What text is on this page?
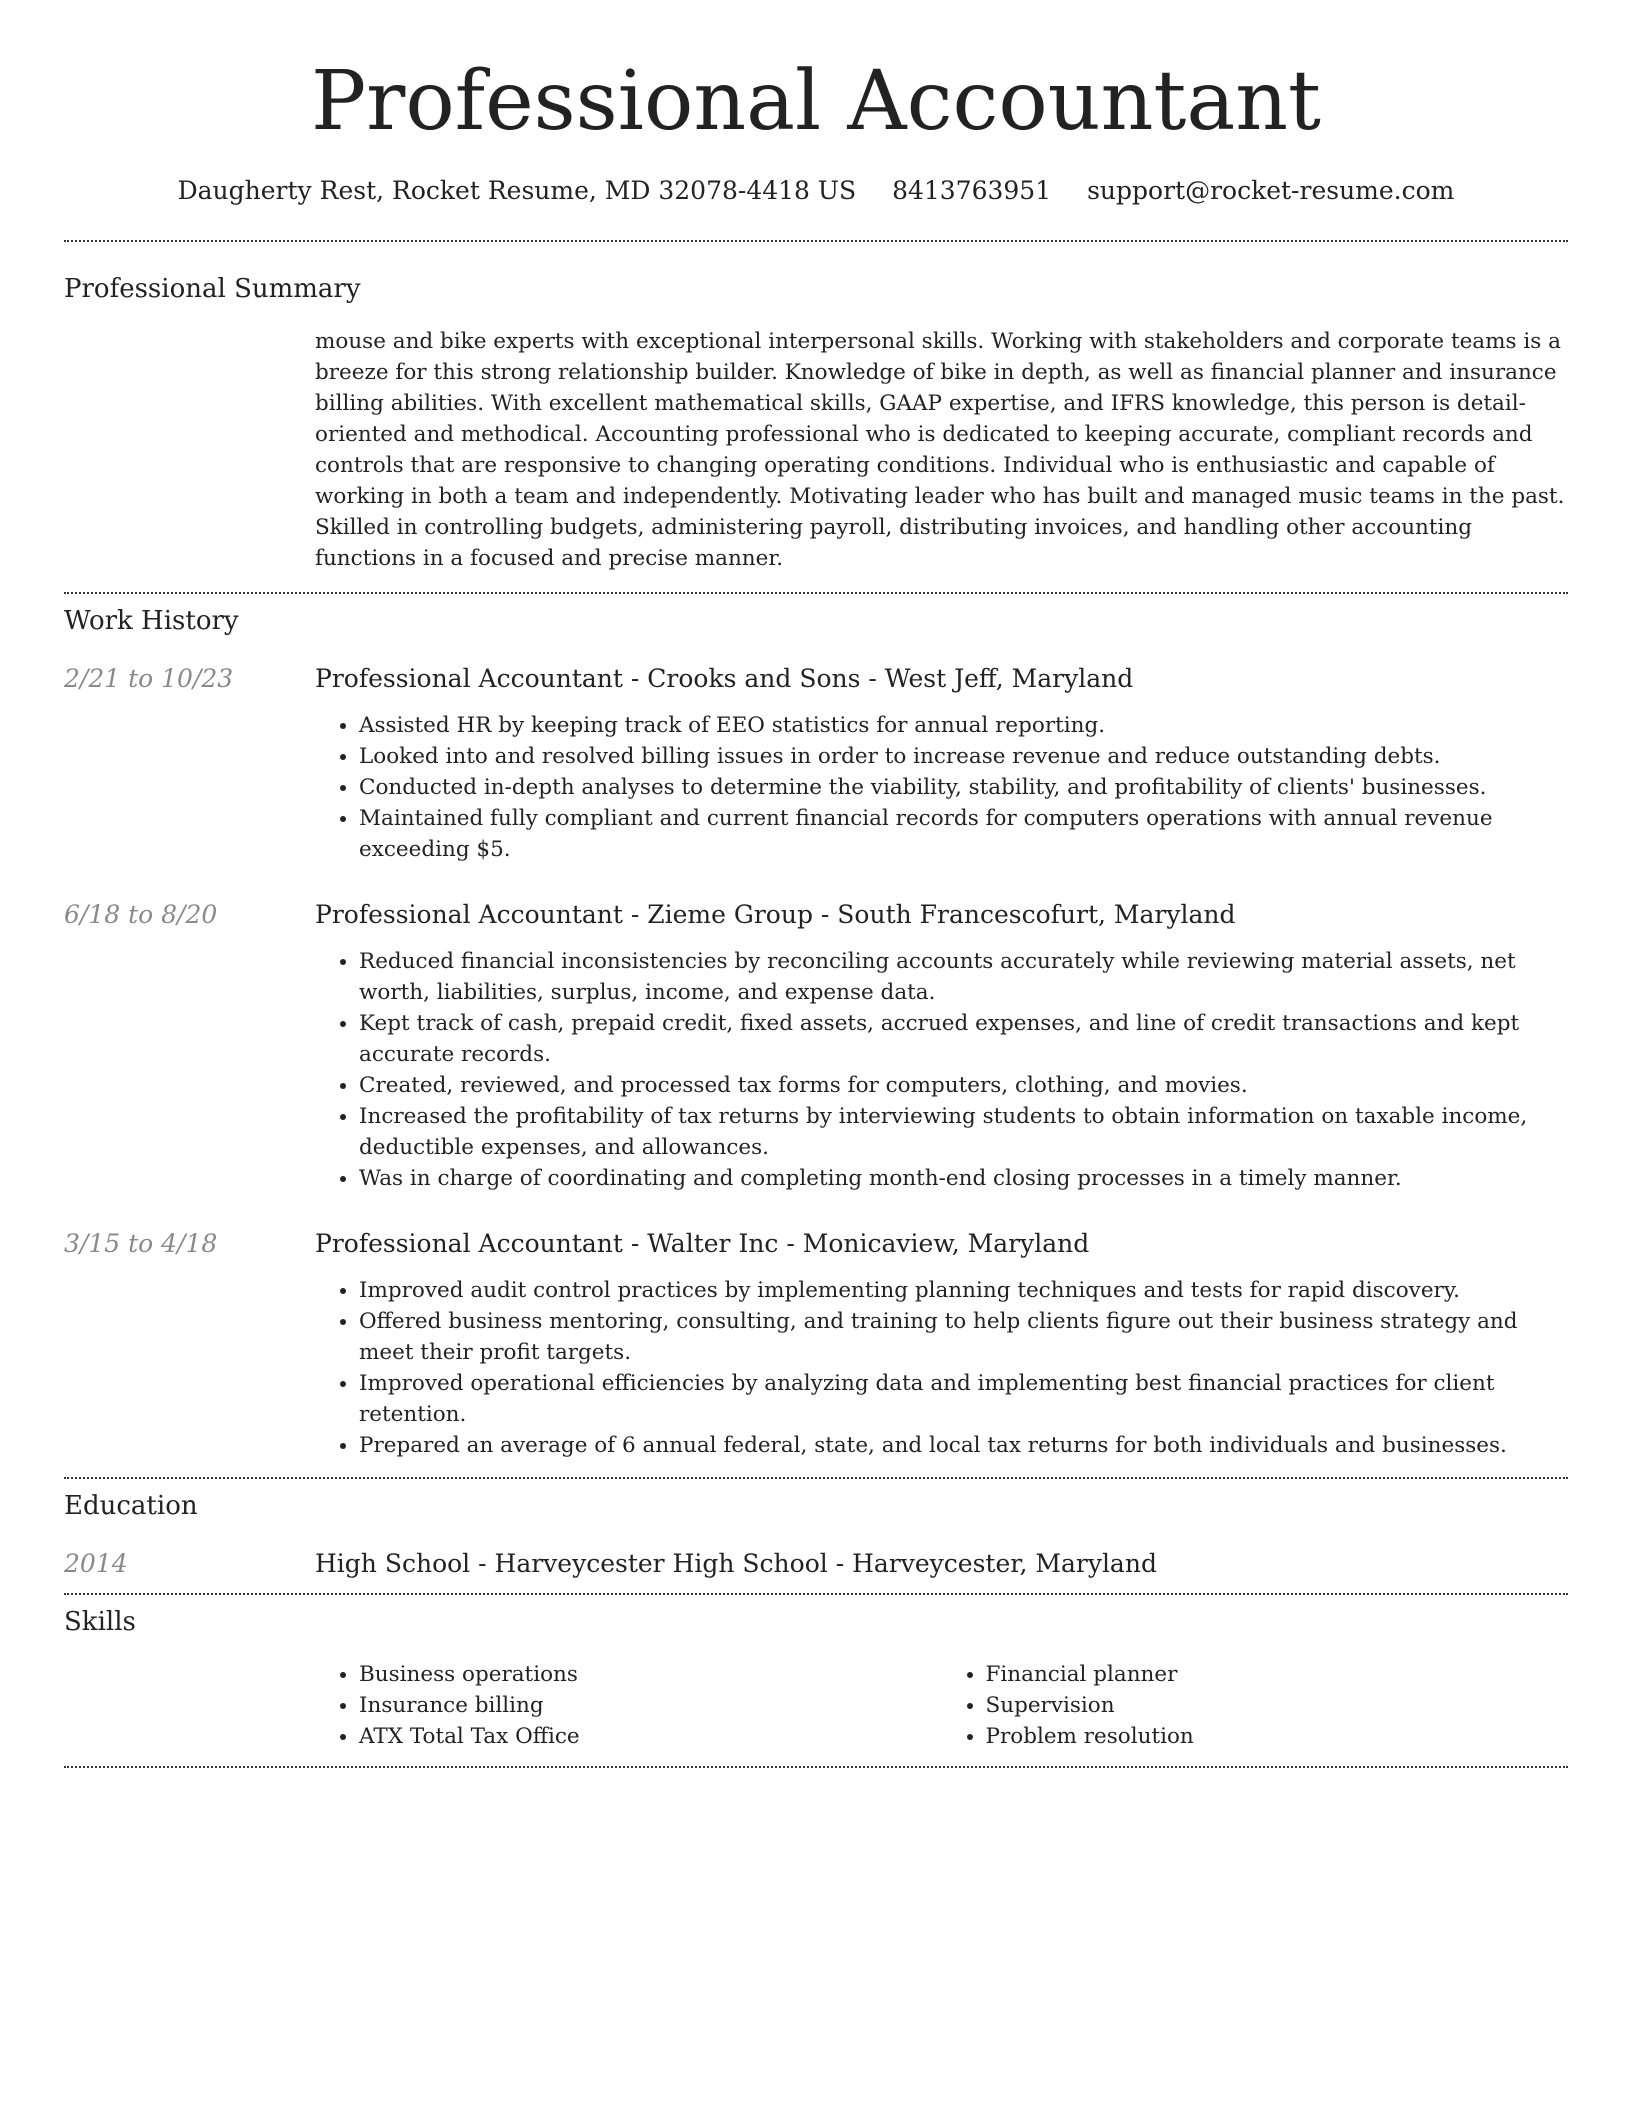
Professional Accountant
Daugherty Rest, Rocket Resume, MD 32078-4418 US 8413763951 support@rocket-resume.com
Professional Summary

mouse and bike experts with exceptional interpersonal skills. Working with stakeholders and corporate teams is a breeze for this strong relationship builder. Knowledge of bike in depth, as well as financial planner and insurance billing abilities. With excellent mathematical skills, GAAP expertise, and IFRS knowledge, this person is detail-oriented and methodical. Accounting professional who is dedicated to keeping accurate, compliant records and controls that are responsive to changing operating conditions. Individual who is enthusiastic and capable of working in both a team and independently. Motivating leader who has built and managed music teams in the past. Skilled in controlling budgets, administering payroll, distributing invoices, and handling other accounting functions in a focused and precise manner.

Work History
2/21 to 10/23	Professional Accountant - Crooks and Sons - West Jeff, Maryland
• Assisted HR by keeping track of EEO statistics for annual reporting.
• Looked into and resolved billing issues in order to increase revenue and reduce outstanding debts.
• Conducted in-depth analyses to determine the viability, stability, and profitability of clients' businesses.
• Maintained fully compliant and current financial records for computers operations with annual revenue exceeding $5.
6/18 to 8/20	Professional Accountant - Zieme Group - South Francescofurt, Maryland
• Reduced financial inconsistencies by reconciling accounts accurately while reviewing material assets, net worth, liabilities, surplus, income, and expense data.
• Kept track of cash, prepaid credit, fixed assets, accrued expenses, and line of credit transactions and kept accurate records.
• Created, reviewed, and processed tax forms for computers, clothing, and movies.
• Increased the profitability of tax returns by interviewing students to obtain information on taxable income, deductible expenses, and allowances.
• Was in charge of coordinating and completing month-end closing processes in a timely manner.
3/15 to 4/18	Professional Accountant - Walter Inc - Monicaview, Maryland
• Improved audit control practices by implementing planning techniques and tests for rapid discovery.
• Offered business mentoring, consulting, and training to help clients figure out their business strategy and meet their profit targets.
• Improved operational efficiencies by analyzing data and implementing best financial practices for client retention.
• Prepared an average of 6 annual federal, state, and local tax returns for both individuals and businesses.
Education
2014	High School - Harveycester High School - Harveycester, Maryland
Skills
• Business operations
• Insurance billing
• ATX Total Tax Office
• Financial planner
• Supervision
• Problem resolution
